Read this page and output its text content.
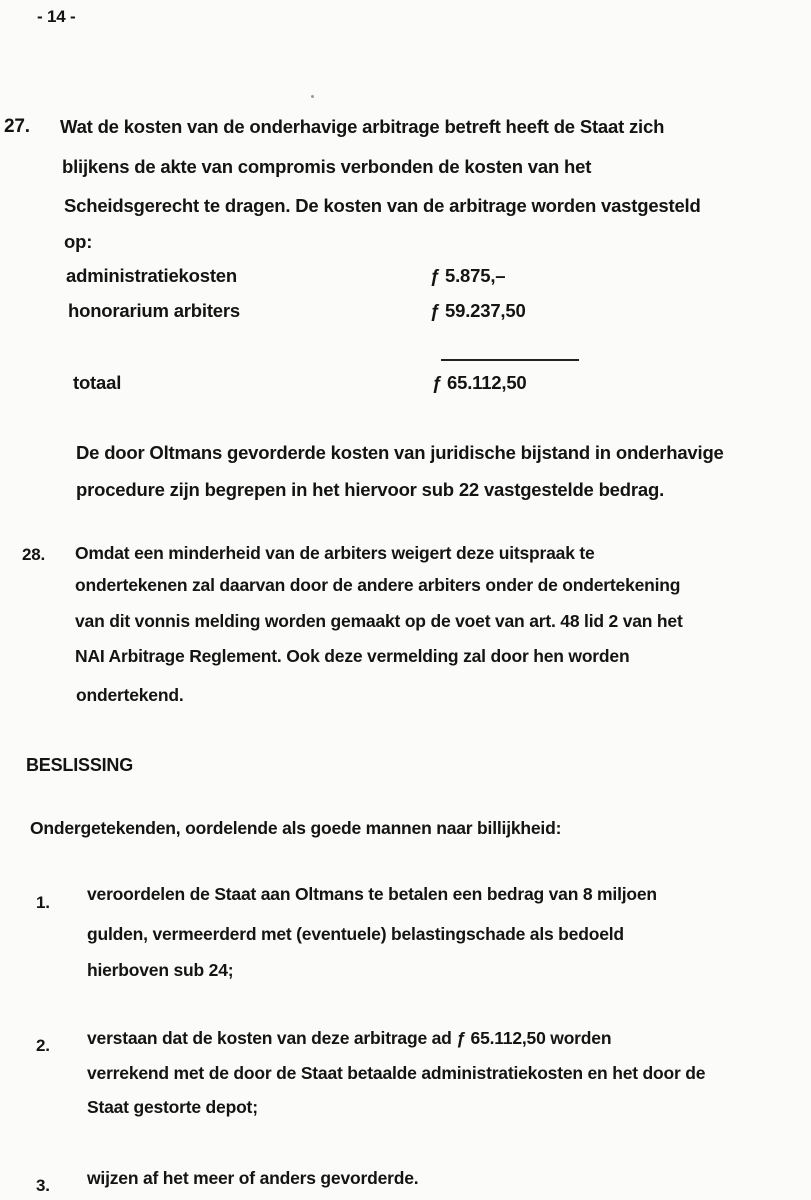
- 14 -
27. Wat de kosten van de onderhavige arbitrage betreft heeft de Staat zich
blijkens de akte van compromis verbonden de kosten van het
Scheidsgerecht te dragen. De kosten van de arbitrage worden vastgesteld
op:
administratiekosten	ƒ 5.875,–
honorarium arbiters	ƒ 59.237,50
totaal	ƒ 65.112,50
De door Oltmans gevorderde kosten van juridische bijstand in onderhavige
procedure zijn begrepen in het hiervoor sub 22 vastgestelde bedrag.
28. Omdat een minderheid van de arbiters weigert deze uitspraak te
ondertekenen zal daarvan door de andere arbiters onder de ondertekening
van dit vonnis melding worden gemaakt op de voet van art. 48 lid 2 van het
NAI Arbitrage Reglement. Ook deze vermelding zal door hen worden
ondertekend.
BESLISSING
Ondergetekenden, oordelende als goede mannen naar billijkheid:
1. veroordelen de Staat aan Oltmans te betalen een bedrag van 8 miljoen
gulden, vermeerderd met (eventuele) belastingschade als bedoeld
hierboven sub 24;
2. verstaan dat de kosten van deze arbitrage ad ƒ 65.112,50 worden
verrekend met de door de Staat betaalde administratiekosten en het door de
Staat gestorte depot;
3. wijzen af het meer of anders gevorderde.
